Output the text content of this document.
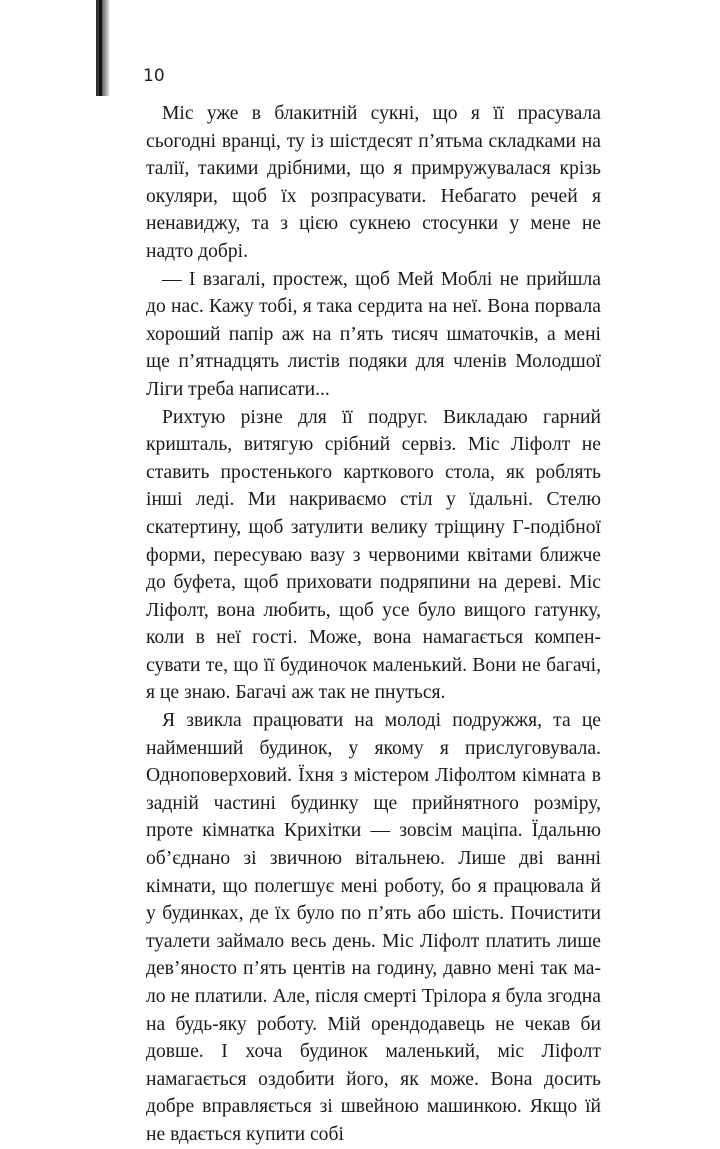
10

Міс уже в блакитній сукні, що я її прасувала сьогодні вранці, ту із шістдесят п’ятьма складками на талії, такими дрібними, що я примружувалася крізь окуляри, щоб їх розпрасувати. Небагато речей я ненавиджу, та з цією сукнею стосунки у мене не надто добрі.

— І взагалі, простеж, щоб Мей Моблі не прийшла до нас. Кажу тобі, я така сердита на неї. Вона порвала хороший папір аж на п’ять тисяч шматочків, а мені ще п’ятнадцять листів подяки для членів Молодшої Ліги треба написати...

Рихтую різне для її подруг. Викладаю гарний кришталь, витягую срібний сервіз. Міс Ліфолт не ставить простенького карткового стола, як роблять інші леді. Ми накриваємо стіл у їдальні. Стелю скатертину, щоб затулити велику тріщину Г-подібної форми, пересуваю вазу з червоними квітами ближче до буфета, щоб приховати подряпини на дереві. Міс Ліфолт, вона любить, щоб усе було вищого гатунку, коли в неї гості. Може, вона намагається компенсувати те, що її будиночок маленький. Вони не багачі, я це знаю. Багачі аж так не пнуться.

Я звикла працювати на молоді подружжя, та це найменший будинок, у якому я прислуговувала. Одноповерховий. Їхня з містером Ліфолтом кімната в задній частині будинку ще прийнятного розміру, проте кімнатка Крихітки — зовсім маціпа. Їдальню об’єднано зі звичною вітальнею. Лише дві ванні кімнати, що полегшує мені роботу, бо я працювала й у будинках, де їх було по п’ять або шість. Почистити туалети займало весь день. Міс Ліфолт платить лише дев’яносто п’ять центів на годину, давно мені так мало не платили. Але, після смерті Трілора я була згодна на будь-яку роботу. Мій орендодавець не чекав би довше. І хоча будинок маленький, міс Ліфолт намагається оздобити його, як може. Вона досить добре вправляється зі швейною машинкою. Якщо їй не вдається купити собі
